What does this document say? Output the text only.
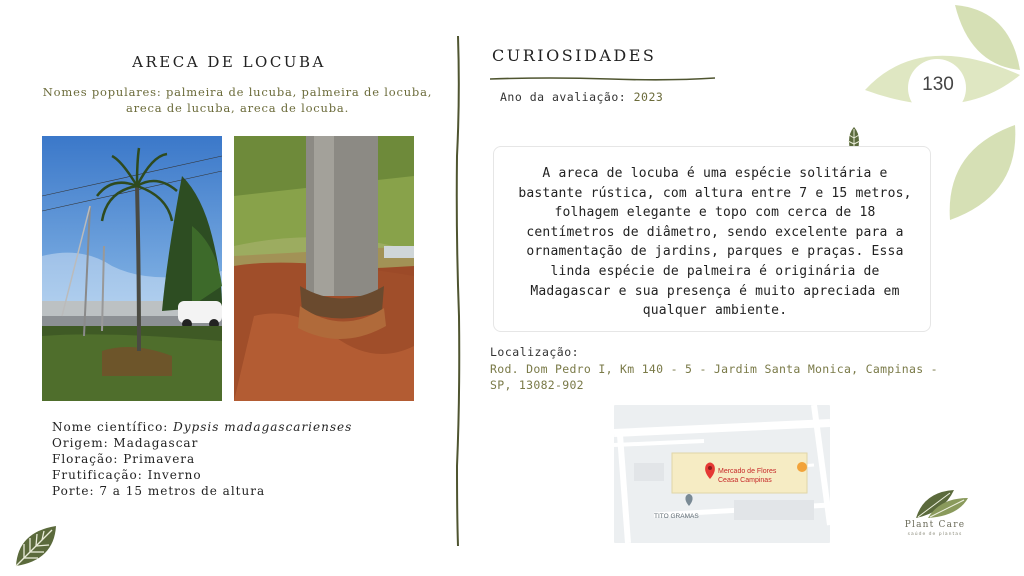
ARECA DE LOCUBA
Nomes populares: palmeira de lucuba, palmeira de locuba, areca de lucuba, areca de locuba.
Nome científico: Dypsis madagascarienses
Origem: Madagascar
Floração: Primavera
Frutificação: Inverno
Porte: 7 a 15 metros de altura
CURIOSIDADES
Ano da avaliação: 2023
A areca de locuba é uma espécie solitária e bastante rústica, com altura entre 7 e 15 metros, folhagem elegante e topo com cerca de 18 centímetros de diâmetro, sendo excelente para a ornamentação de jardins, parques e praças. Essa linda espécie de palmeira é originária de Madagascar e sua presença é muito apreciada em qualquer ambiente.
Localização:
Rod. Dom Pedro I, Km 140 - 5 - Jardim Santa Monica, Campinas - SP, 13082-902
Mercado de Flores
Ceasa Campinas
TITO GRAMAS
130
Plant Care
saúde de plantas
